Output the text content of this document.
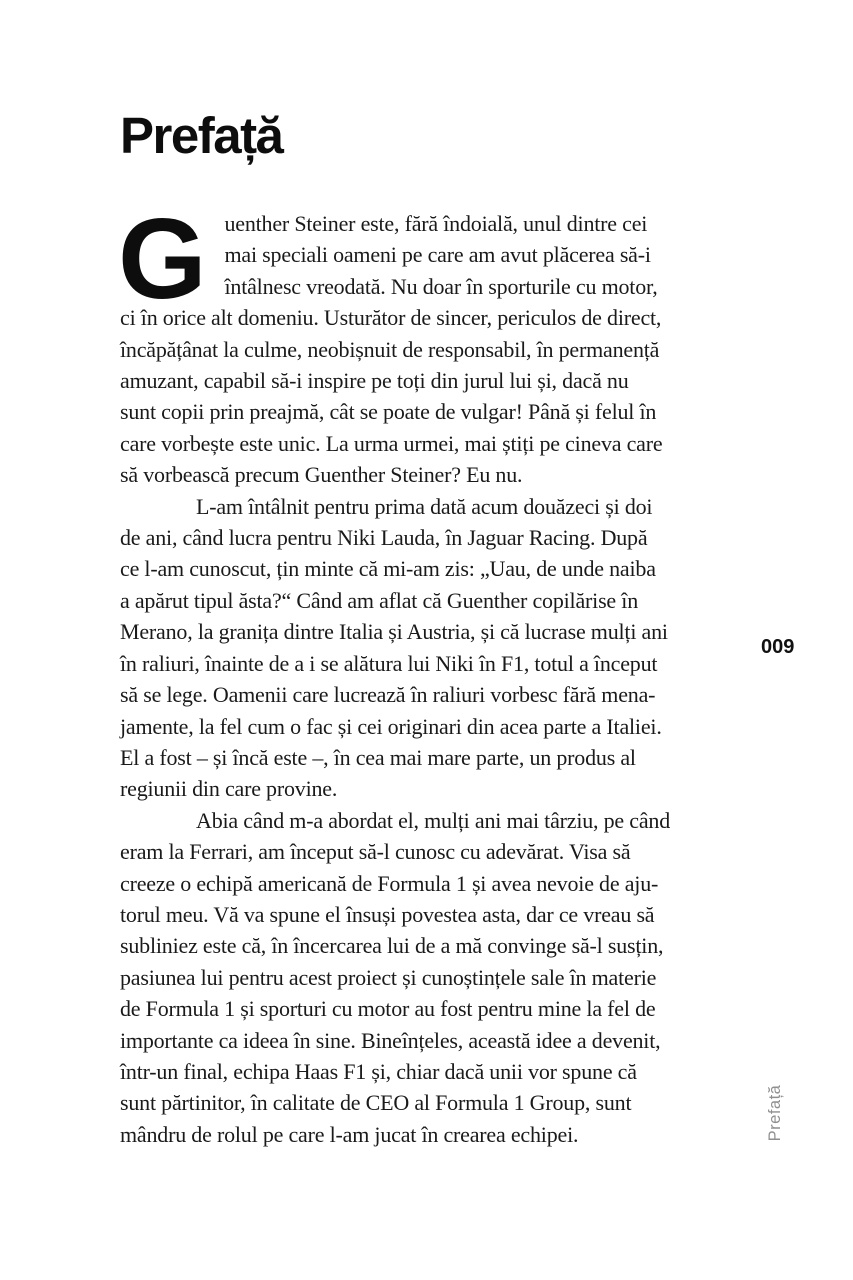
Prefață
G uenther Steiner este, fără îndoială, unul dintre cei
mai speciali oameni pe care am avut plăcerea să-i
întâlnesc vreodată. Nu doar în sporturile cu motor,
ci în orice alt domeniu. Usturător de sincer, periculos de direct,
încăpățânat la culme, neobișnuit de responsabil, în permanență
amuzant, capabil să-i inspire pe toți din jurul lui și, dacă nu
sunt copii prin preajmă, cât se poate de vulgar! Până și felul în
care vorbește este unic. La urma urmei, mai știți pe cineva care
să vorbească precum Guenther Steiner? Eu nu.
L-am întâlnit pentru prima dată acum douăzeci și doi
de ani, când lucra pentru Niki Lauda, în Jaguar Racing. După
ce l-am cunoscut, țin minte că mi-am zis: „Uau, de unde naiba
a apărut tipul ăsta?“ Când am aflat că Guenther copilărise în
Merano, la granița dintre Italia și Austria, și că lucrase mulți ani
în raliuri, înainte de a i se alătura lui Niki în F1, totul a început
să se lege. Oamenii care lucrează în raliuri vorbesc fără mena-
jamente, la fel cum o fac și cei originari din acea parte a Italiei.
El a fost – și încă este –, în cea mai mare parte, un produs al
regiunii din care provine.
Abia când m-a abordat el, mulți ani mai târziu, pe când
eram la Ferrari, am început să-l cunosc cu adevărat. Visa să
creeze o echipă americană de Formula 1 și avea nevoie de aju-
torul meu. Vă va spune el însuși povestea asta, dar ce vreau să
subliniez este că, în încercarea lui de a mă convinge să-l susțin,
pasiunea lui pentru acest proiect și cunoștințele sale în materie
de Formula 1 și sporturi cu motor au fost pentru mine la fel de
importante ca ideea în sine. Bineînțeles, această idee a devenit,
într-un final, echipa Haas F1 și, chiar dacă unii vor spune că
sunt părtinitor, în calitate de CEO al Formula 1 Group, sunt
mândru de rolul pe care l-am jucat în crearea echipei.
009
Prefață
